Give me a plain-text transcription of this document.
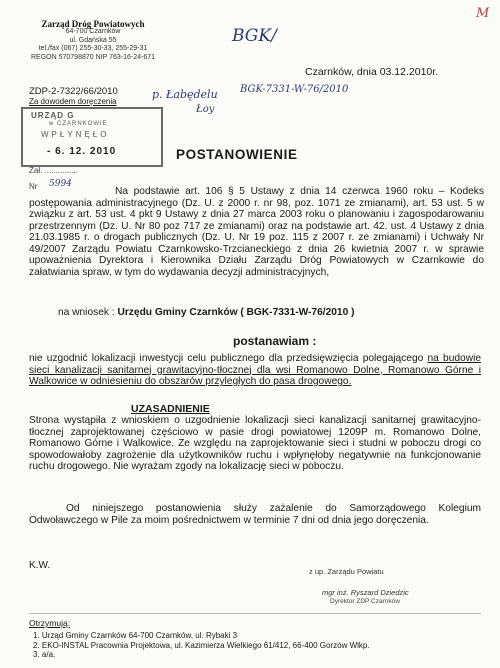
Zarząd Dróg Powiatowych
64-700 Czarnków
ul. Gdańska 55
tel./fax (067) 255-30-33, 255-29-31
REGON 570798870 NIP 763-16-24-671
BGK/
M
Czarnków, dnia 03.12.2010r.
ZDP-2-7322/66/2010
Za dowodem doręczenia
p. Łabędelu
Łoy
BGK-7331-W-76/2010
URZĄD G
w CZARNKOWIE
WPŁYNĘŁO
- 6. 12. 2010	POSTANOWIENIE
Zał. ...............
Nr 5994
Na podstawie art. 106 § 5 Ustawy z dnia 14 czerwca 1960 roku – Kodeks postępowania administracyjnego (Dz. U. z 2000 r. nr 98, poz. 1071 ze zmianami), art. 53 ust. 5 w związku z art. 53 ust. 4 pkt 9 Ustawy z dnia 27 marca 2003 roku o planowaniu i zagospodarowaniu przestrzennym (Dz. U. Nr 80 poz 717 ze zmianami) oraz na podstawie art. 42. ust. 4 Ustawy z dnia 21.03.1985 r. o drogach publicznych (Dz. U. Nr 19 poz. 115 z 2007 r. ze zmianami) i Uchwały Nr 49/2007 Zarządu Powiatu Czarnkowsko-Trzcianeckiego z dnia 26 kwietnia 2007 r. w sprawie upoważnienia Dyrektora i Kierownika Działu Zarządu Dróg Powiatowych w Czarnkowie do załatwiania spraw, w tym do wydawania decyzji administracyjnych,
na wniosek : Urzędu Gminy Czarnków ( BGK-7331-W-76/2010 )
postanawiam :
nie uzgodnić lokalizacji inwestycji celu publicznego dla przedsięwzięcia polegającego na budowie sieci kanalizacji sanitarnej grawitacyjno-tłocznej dla wsi Romanowo Dolne, Romanowo Górne i Walkowice w odniesieniu do obszarów przyległych do pasa drogowego.
UZASADNIENIE
Strona wystąpiła z wnioskiem o uzgodnienie lokalizacji sieci kanalizacji sanitarnej grawitacyjno-tłocznej zaprojektowanej częściowo w pasie drogi powiatowej 1209P m. Romanowo Dolne, Romanowo Górne i Walkowice. Ze względu na zaprojektowanie sieci i studni w poboczu drogi co spowodowałoby zagrożenie dla użytkowników ruchu i wpłynęłoby negatywnie na funkcjonowanie ruchu drogowego. Nie wyrażam zgody na lokalizację sieci w poboczu.
Od niniejszego postanowienia służy zażalenie do Samorządowego Kolegium Odwoławczego w Pile za moim pośrednictwem w terminie 7 dni od dnia jego doręczenia.
K.W.
z up. Zarządu Powiatu
mgr inż. Ryszard Dziedzic
Dyrektor ZDP Czarnków
Otrzymują:
1. Urząd Gminy Czarnków 64-700 Czarnków, ul. Rybaki 3
2. EKO-INSTAL Pracownia Projektowa, ul. Kazimierza Wielkiego 61/412, 66-400 Gorzów Wlkp.
3. a/a.
